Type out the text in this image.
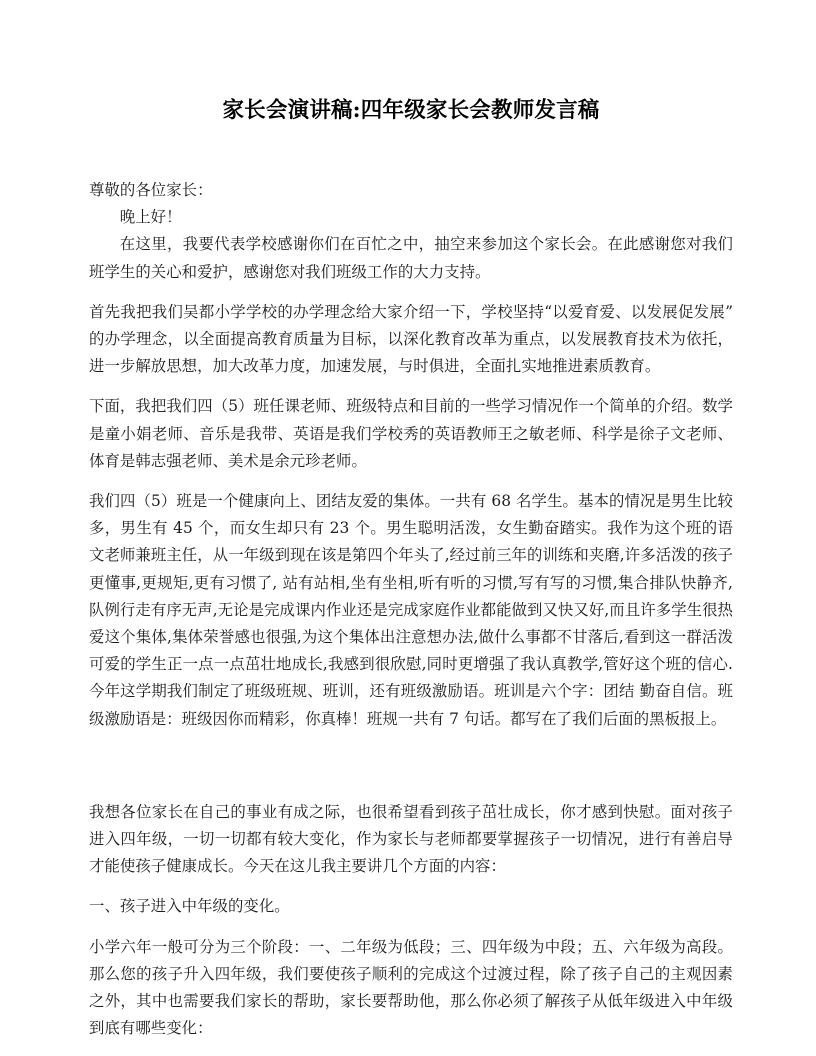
家长会演讲稿:四年级家长会教师发言稿

尊敬的各位家长：

晚上好！

在这里，我要代表学校感谢你们在百忙之中，抽空来参加这个家长会。在此感谢您对我们班学生的关心和爱护，感谢您对我们班级工作的大力支持。

首先我把我们吴都小学学校的办学理念给大家介绍一下，学校坚持“以爱育爱、以发展促发展”的办学理念，以全面提高教育质量为目标，以深化教育改革为重点，以发展教育技术为依托，进一步解放思想，加大改革力度，加速发展，与时俱进，全面扎实地推进素质教育。

下面，我把我们四（5）班任课老师、班级特点和目前的一些学习情况作一个简单的介绍。数学是童小娟老师、音乐是我带、英语是我们学校秀的英语教师王之敏老师、科学是徐子文老师、体育是韩志强老师、美术是余元珍老师。

我们四（5）班是一个健康向上、团结友爱的集体。一共有 68 名学生。基本的情况是男生比较多，男生有 45 个，而女生却只有 23 个。男生聪明活泼，女生勤奋踏实。我作为这个班的语文老师兼班主任，从一年级到现在该是第四个年头了,经过前三年的训练和夹磨,许多活泼的孩子更懂事,更规矩,更有习惯了, 站有站相,坐有坐相,听有听的习惯,写有写的习惯,集合排队快静齐,队例行走有序无声,无论是完成课内作业还是完成家庭作业都能做到又快又好,而且许多学生很热爱这个集体,集体荣誉感也很强,为这个集体出注意想办法,做什么事都不甘落后,看到这一群活泼可爱的学生正一点一点茁壮地成长,我感到很欣慰,同时更增强了我认真教学,管好这个班的信心. 今年这学期我们制定了班级班规、班训，还有班级激励语。班训是六个字：团结 勤奋自信。班级激励语是：班级因你而精彩，你真棒！班规一共有 7 句话。都写在了我们后面的黑板报上。

我想各位家长在自己的事业有成之际，也很希望看到孩子茁壮成长，你才感到快慰。面对孩子进入四年级，一切一切都有较大变化，作为家长与老师都要掌握孩子一切情况，进行有善启导才能使孩子健康成长。今天在这儿我主要讲几个方面的内容：

一、孩子进入中年级的变化。

小学六年一般可分为三个阶段：一、二年级为低段；三、四年级为中段；五、六年级为高段。那么您的孩子升入四年级，我们要使孩子顺利的完成这个过渡过程，除了孩子自己的主观因素之外，其中也需要我们家长的帮助，家长要帮助他，那么你必须了解孩子从低年级进入中年级到底有哪些变化：
